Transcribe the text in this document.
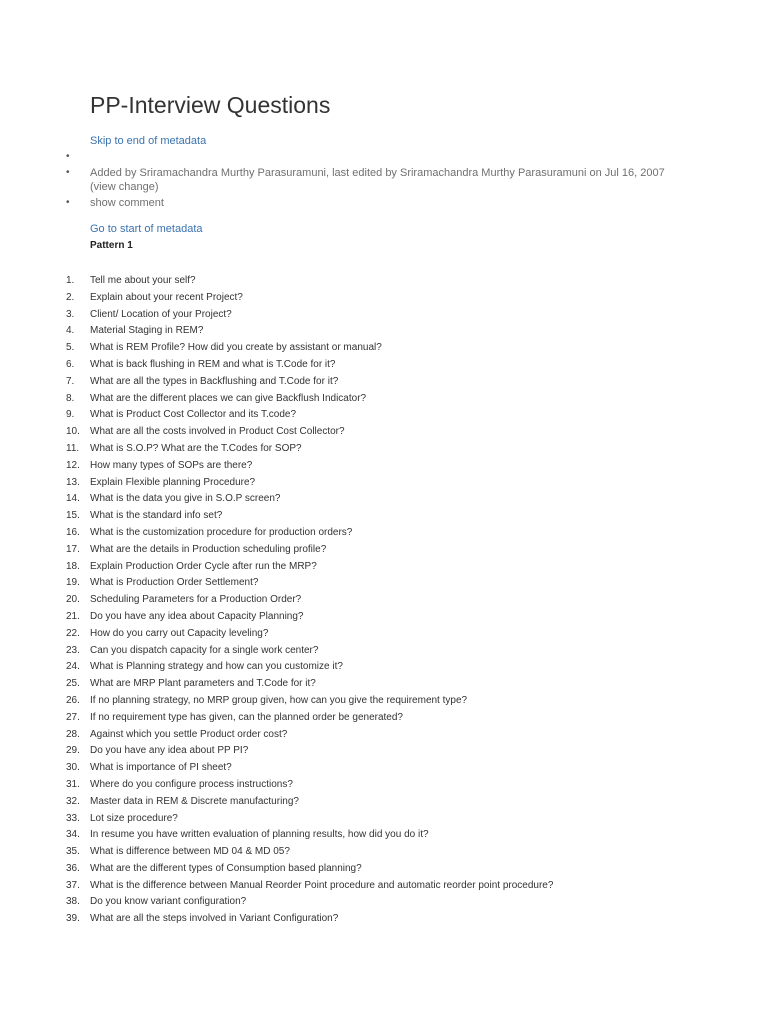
PP-Interview Questions
Skip to end of metadata
•
• Added by Sriramachandra Murthy Parasuramuni, last edited by Sriramachandra Murthy Parasuramuni on Jul 16, 2007 (view change)
• show comment
Go to start of metadata
Pattern 1
1. Tell me about your self?
2. Explain about your recent Project?
3. Client/ Location of your Project?
4. Material Staging in REM?
5. What is REM Profile? How did you create by assistant or manual?
6. What is back flushing in REM and what is T.Code for it?
7. What are all the types in Backflushing and T.Code for it?
8. What are the different places we can give Backflush Indicator?
9. What is Product Cost Collector and its T.code?
10. What are all the costs involved in Product Cost Collector?
11. What is S.O.P? What are the T.Codes for SOP?
12. How many types of SOPs are there?
13. Explain Flexible planning Procedure?
14. What is the data you give in S.O.P screen?
15. What is the standard info set?
16. What is the customization procedure for production orders?
17. What are the details in Production scheduling profile?
18. Explain Production Order Cycle after run the MRP?
19. What is Production Order Settlement?
20. Scheduling Parameters for a Production Order?
21. Do you have any idea about Capacity Planning?
22. How do you carry out Capacity leveling?
23. Can you dispatch capacity for a single work center?
24. What is Planning strategy and how can you customize it?
25. What are MRP Plant parameters and T.Code for it?
26. If no planning strategy, no MRP group given, how can you give the requirement type?
27. If no requirement type has given, can the planned order be generated?
28. Against which you settle Product order cost?
29. Do you have any idea about PP PI?
30. What is importance of PI sheet?
31. Where do you configure process instructions?
32. Master data in REM & Discrete manufacturing?
33. Lot size procedure?
34. In resume you have written evaluation of planning results, how did you do it?
35. What is difference between MD 04 & MD 05?
36. What are the different types of Consumption based planning?
37. What is the difference between Manual Reorder Point procedure and automatic reorder point procedure?
38. Do you know variant configuration?
39. What are all the steps involved in Variant Configuration?
